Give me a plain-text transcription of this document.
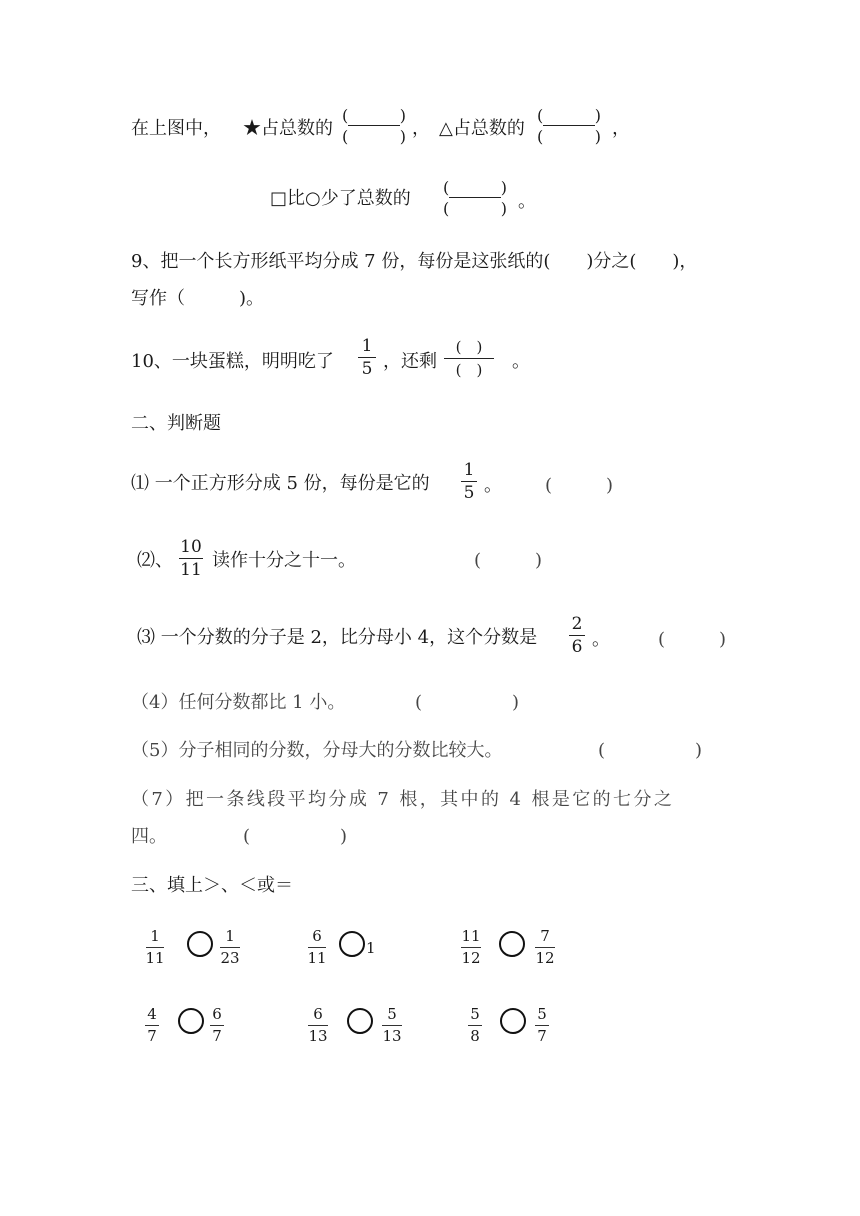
在上图中， ★占总数的
(	)
(	) ， △占总数的
(	)
(	) ，
□比○少了总数的
(	)
(	) 。
9、把一个长方形纸平均分成 7 份，每份是这张纸的(　　)分之(　　)，
写作（　　　)。
10、一块蛋糕，明明吃了
1
5 ，还剩
(　)
(　)	。
二、判断题
⑴ 一个正方形分成 5 份，每份是它的
1
5 。 (　　　)
⑵、
10
11 读作十分之十一。	(　　　)
⑶ 一个分数的分子是 2，比分母小 4，这个分数是
2
6 。	(　　　)
（4）任何分数都比 1 小。	(　　　　　)
（5）分子相同的分数，分母大的分数比较大。	(　　　　　)
（7）把一条线段平均分成 7 根，其中的 4 根是它的七分之
四。	(　　　　　)
三、填上＞、＜或＝
1
11
1
23
6
11
1
11
12
7
12
4
7
6
7
6
13
5
13
5
8
5
7
